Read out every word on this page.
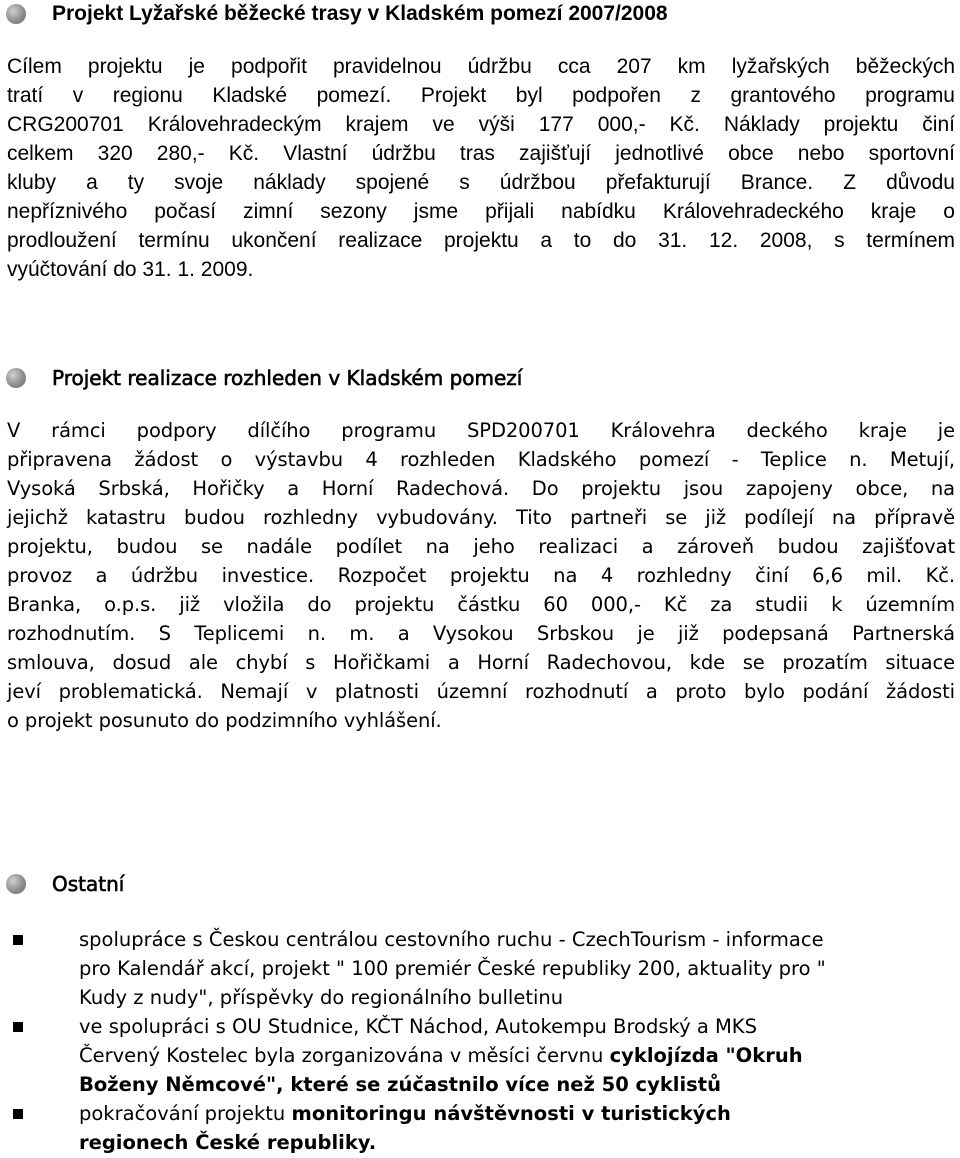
Projekt Lyžařské běžecké trasy v Kladském pomezí 2007/2008
Cílem projektu je podpořit pravidelnou údržbu cca 207 km lyžařských běžeckých
tratí v regionu Kladské pomezí. Projekt byl podpořen z grantového programu
CRG200701 Královehradeckým krajem ve výši 177 000,- Kč. Náklady projektu činí
celkem 320 280,- Kč. Vlastní údržbu tras zajišťují jednotlivé obce nebo sportovní
kluby a ty svoje náklady spojené s údržbou přefakturují Brance. Z důvodu
nepříznivého počasí zimní sezony jsme přijali nabídku Královehradeckého kraje o
prodloužení termínu ukončení realizace projektu a to do 31. 12. 2008, s termínem
vyúčtování do 31. 1. 2009.
Projekt realizace rozhleden v Kladském pomezí
V rámci podpory dílčího programu SPD200701 Královehra deckého kraje je
připravena žádost o výstavbu 4 rozhleden Kladského pomezí - Teplice n. Metují,
Vysoká Srbská, Hořičky a Horní Radechová. Do projektu jsou zapojeny obce, na
jejichž katastru budou rozhledny vybudovány. Tito partneři se již podílejí na přípravě
projektu, budou se nadále podílet na jeho realizaci a zároveň budou zajišťovat
provoz a údržbu investice. Rozpočet projektu na 4 rozhledny činí 6,6 mil. Kč.
Branka, o.p.s. již vložila do projektu částku 60 000,- Kč za studii k územním
rozhodnutím. S Teplicemi n. m. a Vysokou Srbskou je již podepsaná Partnerská
smlouva, dosud ale chybí s Hořičkami a Horní Radechovou, kde se prozatím situace
jeví problematická. Nemají v platnosti územní rozhodnutí a proto bylo podání žádosti
o projekt posunuto do podzimního vyhlášení.
Ostatní
spolupráce s Českou centrálou cestovního ruchu - CzechTourism - informace
pro Kalendář akcí, projekt " 100 premiér České republiky 200, aktuality pro "
Kudy z nudy", příspěvky do regionálního bulletinu
ve spolupráci s OU Studnice, KČT Náchod, Autokempu Brodský a MKS
Červený Kostelec byla zorganizována v měsíci červnu cyklojízda "Okruh
Boženy Němcové", které se zúčastnilo více než 50 cyklistů
pokračování projektu monitoringu návštěvnosti v turistických
regionech České republiky.
